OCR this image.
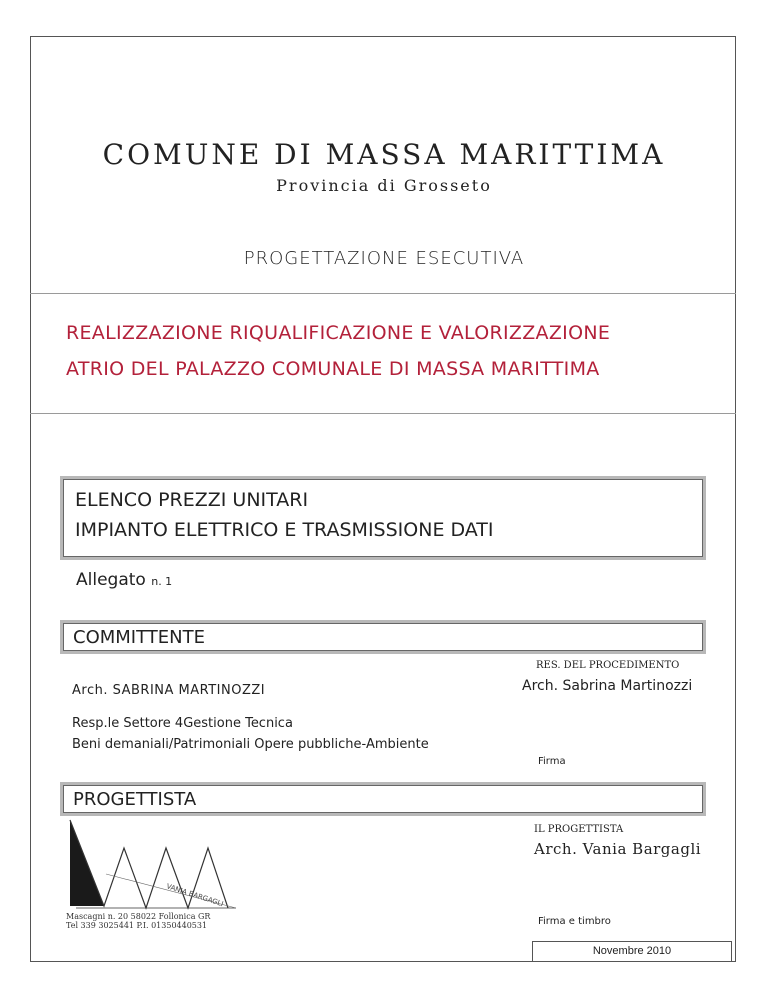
COMUNE DI MASSA MARITTIMA
Provincia di Grosseto
PROGETTAZIONE ESECUTIVA
REALIZZAZIONE RIQUALIFICAZIONE E VALORIZZAZIONE
ATRIO DEL PALAZZO COMUNALE DI MASSA MARITTIMA
ELENCO PREZZI UNITARI
IMPIANTO ELETTRICO E TRASMISSIONE DATI
Allegato n. 1
COMMITTENTE
RES. DEL PROCEDIMENTO
Arch. SABRINA MARTINOZZI	Arch. Sabrina Martinozzi
Resp.le Settore 4Gestione Tecnica
Beni demaniali/Patrimoniali Opere pubbliche-Ambiente
Firma
PROGETTISTA
IL PROGETTISTA
Arch. Vania Bargagli
Firma e timbro
VANIA BARGAGLI
Mascagni n. 20 58022 Follonica GR
Tel 339 3025441 P.I. 01350440531
Novembre 2010
